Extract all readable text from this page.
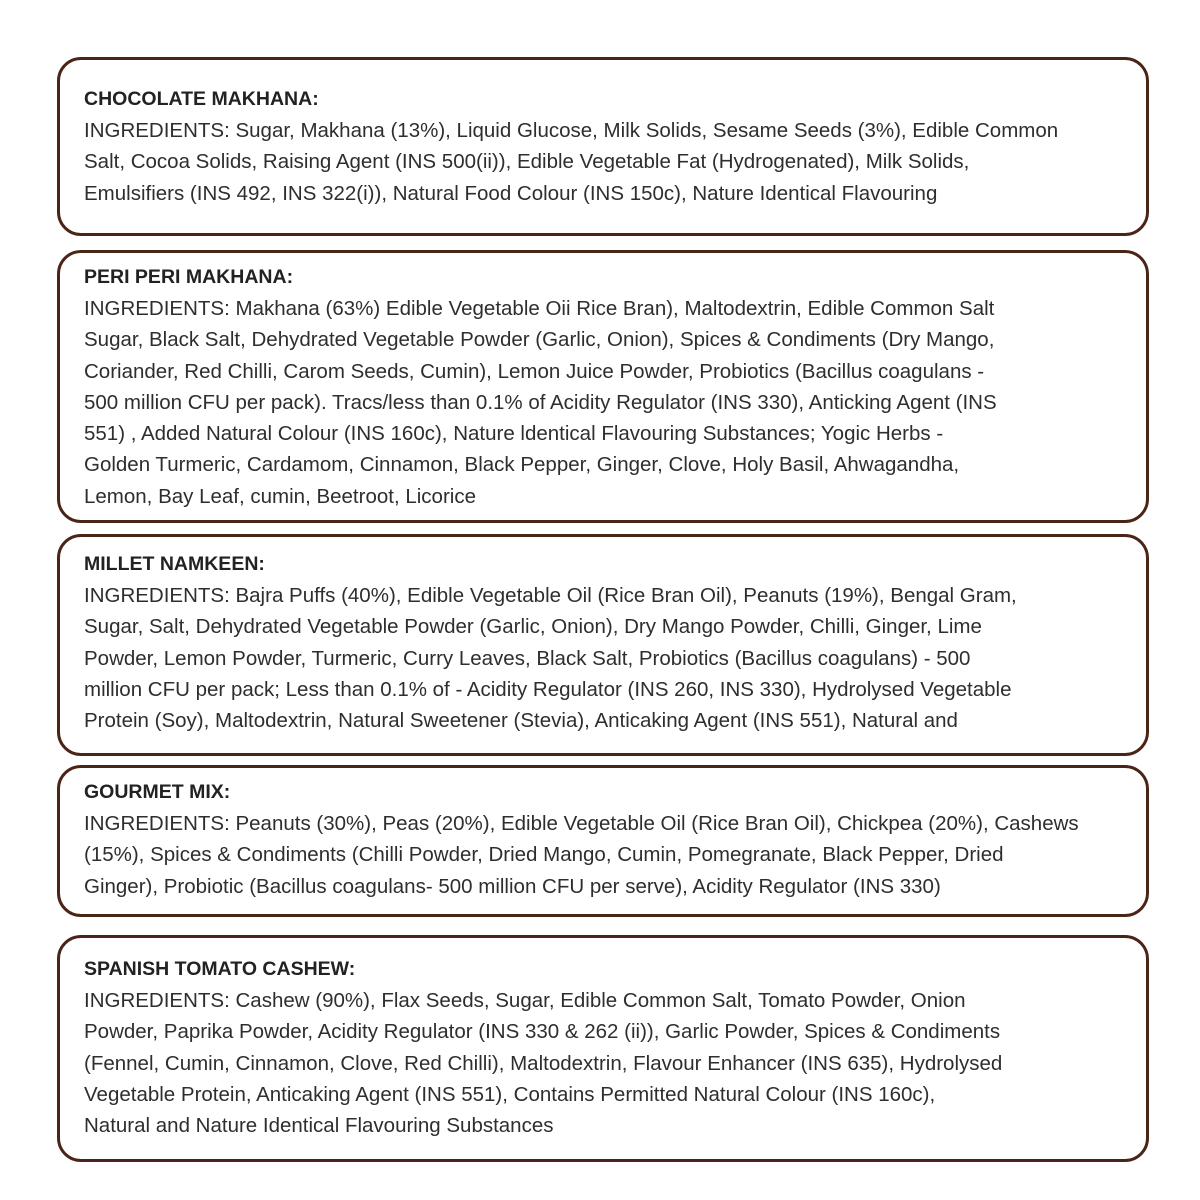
CHOCOLATE MAKHANA:

INGREDIENTS: Sugar, Makhana (13%), Liquid Glucose, Milk Solids, Sesame Seeds (3%), Edible Common

Salt, Cocoa Solids, Raising Agent (INS 500(ii)), Edible Vegetable Fat (Hydrogenated), Milk Solids,

Emulsifiers (INS 492, INS 322(i)), Natural Food Colour (INS 150c), Nature Identical Flavouring

PERI PERI MAKHANA:

INGREDIENTS: Makhana (63%) Edible Vegetable Oii Rice Bran), Maltodextrin, Edible Common Salt

Sugar, Black Salt, Dehydrated Vegetable Powder (Garlic, Onion), Spices & Condiments (Dry Mango,

Coriander, Red Chilli, Carom Seeds, Cumin), Lemon Juice Powder, Probiotics (Bacillus coagulans -

500 million CFU per pack). Tracs/less than 0.1% of Acidity Regulator (INS 330), Anticking Agent (INS

551) , Added Natural Colour (INS 160c), Nature ldentical Flavouring Substances; Yogic Herbs -

Golden Turmeric, Cardamom, Cinnamon, Black Pepper, Ginger, Clove, Holy Basil, Ahwagandha,

Lemon, Bay Leaf, cumin, Beetroot, Licorice

MILLET NAMKEEN:

INGREDIENTS: Bajra Puffs (40%), Edible Vegetable Oil (Rice Bran Oil), Peanuts (19%), Bengal Gram,

Sugar, Salt, Dehydrated Vegetable Powder (Garlic, Onion), Dry Mango Powder, Chilli, Ginger, Lime

Powder, Lemon Powder, Turmeric, Curry Leaves, Black Salt, Probiotics (Bacillus coagulans) - 500

million CFU per pack; Less than 0.1% of - Acidity Regulator (INS 260, INS 330), Hydrolysed Vegetable

Protein (Soy), Maltodextrin, Natural Sweetener (Stevia), Anticaking Agent (INS 551), Natural and

GOURMET MIX:

INGREDIENTS: Peanuts (30%), Peas (20%), Edible Vegetable Oil (Rice Bran Oil), Chickpea (20%), Cashews

(15%), Spices & Condiments (Chilli Powder, Dried Mango, Cumin, Pomegranate, Black Pepper, Dried

Ginger), Probiotic (Bacillus coagulans- 500 million CFU per serve), Acidity Regulator (INS 330)

SPANISH TOMATO CASHEW:

INGREDIENTS: Cashew (90%), Flax Seeds, Sugar, Edible Common Salt, Tomato Powder, Onion

Powder, Paprika Powder, Acidity Regulator (INS 330 & 262 (ii)), Garlic Powder, Spices & Condiments

(Fennel, Cumin, Cinnamon, Clove, Red Chilli), Maltodextrin, Flavour Enhancer (INS 635), Hydrolysed

Vegetable Protein, Anticaking Agent (INS 551), Contains Permitted Natural Colour (INS 160c),

Natural and Nature Identical Flavouring Substances
